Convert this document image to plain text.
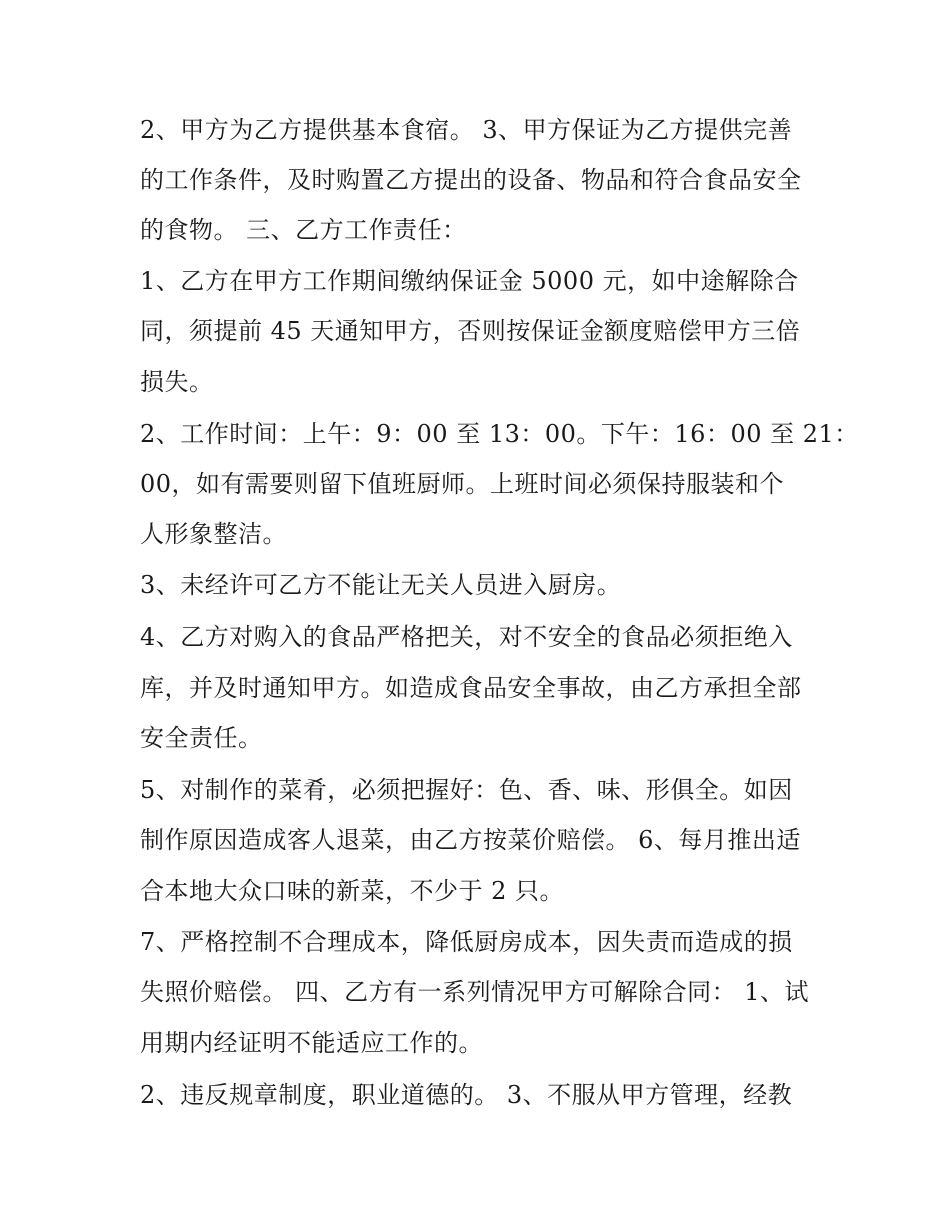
2、甲方为乙方提供基本食宿。 3、甲方保证为乙方提供完善
的工作条件，及时购置乙方提出的设备、物品和符合食品安全
的食物。 三、乙方工作责任：
1、乙方在甲方工作期间缴纳保证金 5000 元，如中途解除合
同，须提前 45 天通知甲方，否则按保证金额度赔偿甲方三倍
损失。
2、工作时间：上午：9：00 至 13：00。下午：16：00 至 21：
00，如有需要则留下值班厨师。上班时间必须保持服装和个
人形象整洁。
3、未经许可乙方不能让无关人员进入厨房。
4、乙方对购入的食品严格把关，对不安全的食品必须拒绝入
库，并及时通知甲方。如造成食品安全事故，由乙方承担全部
安全责任。
5、对制作的菜肴，必须把握好：色、香、味、形俱全。如因
制作原因造成客人退菜，由乙方按菜价赔偿。 6、每月推出适
合本地大众口味的新菜，不少于 2 只。
7、严格控制不合理成本，降低厨房成本，因失责而造成的损
失照价赔偿。 四、乙方有一系列情况甲方可解除合同： 1、试
用期内经证明不能适应工作的。
2、违反规章制度，职业道德的。 3、不服从甲方管理，经教
